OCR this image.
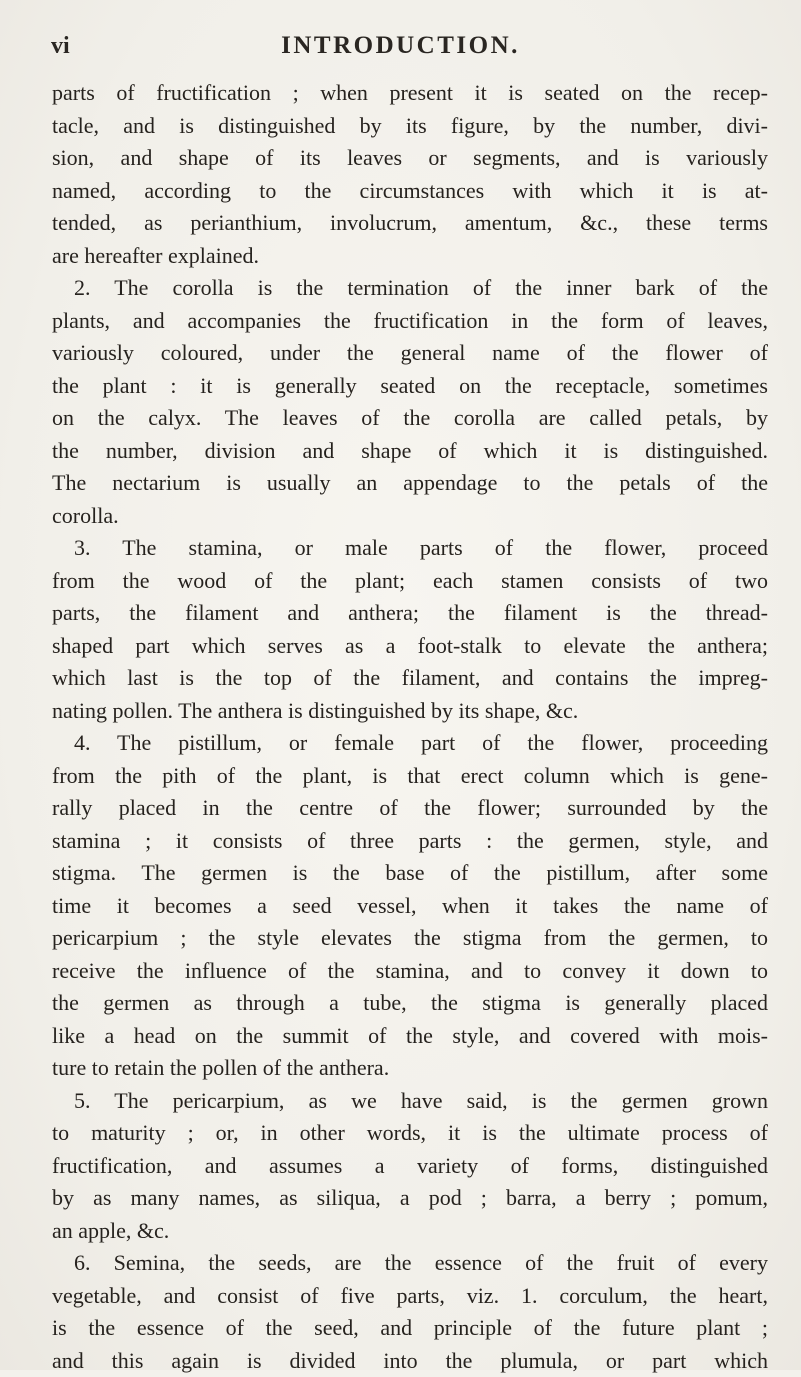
vi	INTRODUCTION.
parts of fructification ; when present it is seated on the recep-
tacle, and is distinguished by its figure, by the number, divi-
sion, and shape of its leaves or segments, and is variously
named, according to the circumstances with which it is at-
tended, as perianthium, involucrum, amentum, &c., these terms
are hereafter explained.
2. The corolla is the termination of the inner bark of the
plants, and accompanies the fructification in the form of leaves,
variously coloured, under the general name of the flower of
the plant : it is generally seated on the receptacle, sometimes
on the calyx. The leaves of the corolla are called petals, by
the number, division and shape of which it is distinguished.
The nectarium is usually an appendage to the petals of the
corolla.
3. The stamina, or male parts of the flower, proceed
from the wood of the plant; each stamen consists of two
parts, the filament and anthera; the filament is the thread-
shaped part which serves as a foot-stalk to elevate the anthera;
which last is the top of the filament, and contains the impreg-
nating pollen. The anthera is distinguished by its shape, &c.
4. The pistillum, or female part of the flower, proceeding
from the pith of the plant, is that erect column which is gene-
rally placed in the centre of the flower; surrounded by the
stamina ; it consists of three parts : the germen, style, and
stigma. The germen is the base of the pistillum, after some
time it becomes a seed vessel, when it takes the name of
pericarpium ; the style elevates the stigma from the germen, to
receive the influence of the stamina, and to convey it down to
the germen as through a tube, the stigma is generally placed
like a head on the summit of the style, and covered with mois-
ture to retain the pollen of the anthera.
5. The pericarpium, as we have said, is the germen grown
to maturity ; or, in other words, it is the ultimate process of
fructification, and assumes a variety of forms, distinguished
by as many names, as siliqua, a pod ; barra, a berry ; pomum,
an apple, &c.
6. Semina, the seeds, are the essence of the fruit of every
vegetable, and consist of five parts, viz. 1. corculum, the heart,
is the essence of the seed, and principle of the future plant ;
and this again is divided into the plumula, or part which
